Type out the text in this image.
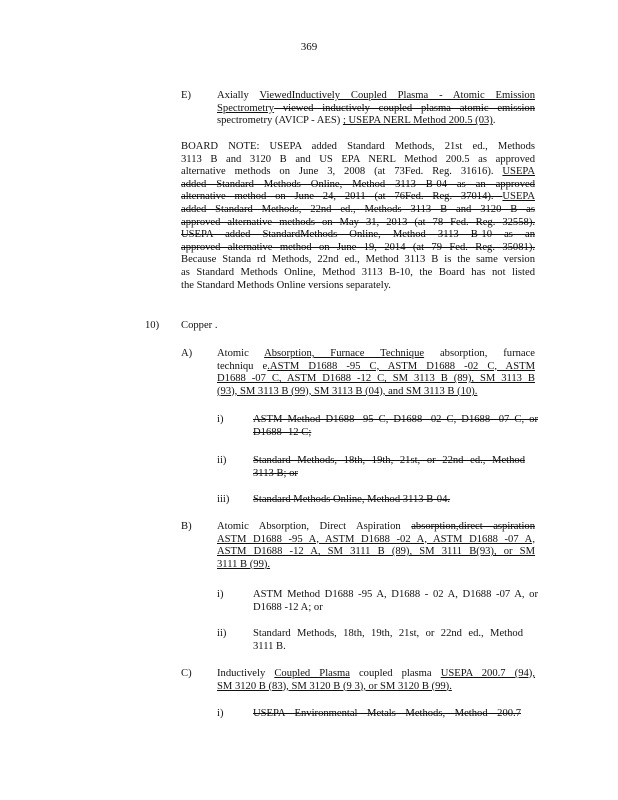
369
E) Axially ViewedInductively Coupled Plasma - Atomic Emission
Spectrometry viewed inductively coupled plasma atomic emission
spectrometry (AVICP - AES) ; USEPA NERL Method 200.5 (03).
BOARD NOTE: USEPA added Standard Methods, 21st ed., Methods
3113 B and 3120 B and US EPA NERL Method 200.5 as approved
alternative methods on June 3, 2008 (at 73Fed. Reg. 31616). USEPA
added Standard Methods Online, Method 3113 B-04 as an approved
alternative method on June 24, 2011 (at 76Fed. Reg. 37014). USEPA
added Standard Methods, 22nd ed., Methods 3113 B and 3120 B as
approved alternative methods on May 31, 2013 (at 78 Fed. Reg. 32558).
USEPA added StandardMethods Online, Method 3113 B-10 as an
approved alternative method on June 19, 2014 (at 79 Fed. Reg. 35081).
Because Standa rd Methods, 22nd ed., Method 3113 B is the same version
as Standard Methods Online, Method 3113 B-10, the Board has not listed
the Standard Methods Online versions separately.
10) Copper .
A) Atomic Absorption, Furnace Technique absorption, furnace
techniqu e.ASTM D1688 -95 C, ASTM D1688 -02 C, ASTM
D1688 -07 C, ASTM D1688 -12 C, SM 3113 B (89), SM 3113 B
(93), SM 3113 B (99), SM 3113 B (04), and SM 3113 B (10).
i)	ASTM Method D1688 -95 C, D1688 -02 C, D1688 -07 C, or
D1688 -12 C;
ii)	Standard Methods, 18th, 19th, 21st, or 22nd ed., Method
3113 B; or
iii) Standard Methods Online, Method 3113 B-04.
B) Atomic Absorption, Direct Aspiration absorption,direct aspiration
ASTM D1688 -95 A, ASTM D1688 -02 A, ASTM D1688 -07 A,
ASTM D1688 -12 A, SM 3111 B (89), SM 3111 B(93), or SM
3111 B (99).
i)	ASTM Method D1688 -95 A, D1688 - 02 A, D1688 -07 A, or
D1688 -12 A; or
ii)	Standard Methods, 18th, 19th, 21st, or 22nd ed., Method
3111 B.
C) Inductively Coupled Plasma coupled plasma USEPA 200.7 (94),
SM 3120 B (83), SM 3120 B (9 3), or SM 3120 B (99).
i)	USEPA Environmental Metals Methods, Method 200.7
